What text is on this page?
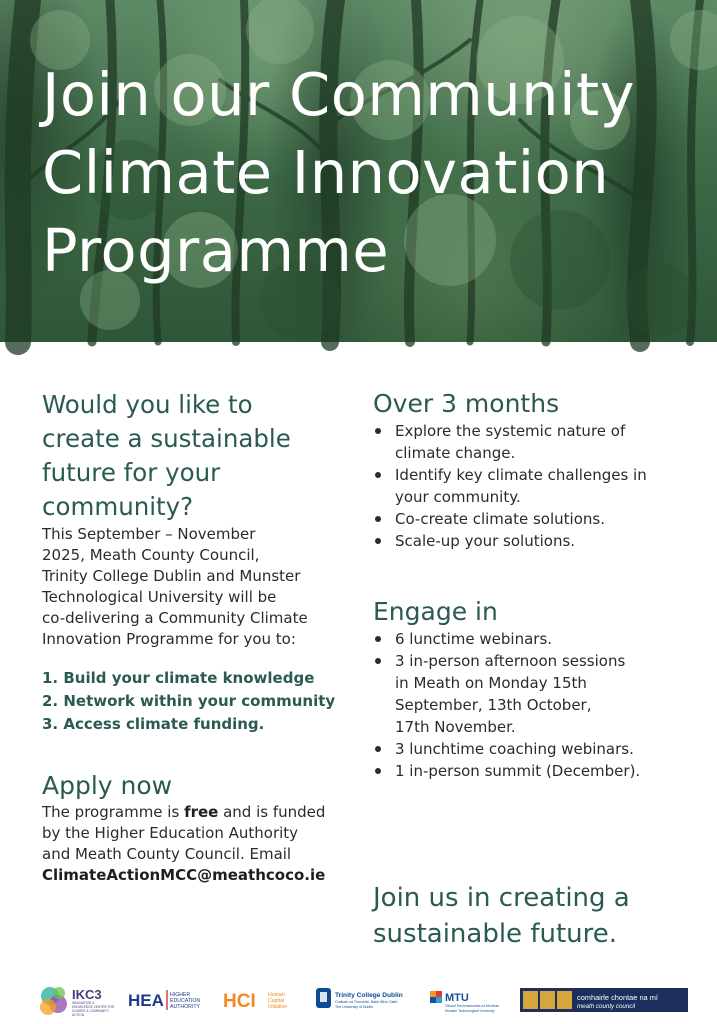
Join our Community
Climate Innovation
Programme
Would you like to
create a sustainable
future for your
community?

This September – November
2025, Meath County Council,
Trinity College Dublin and Munster
Technological University will be
co-delivering a Community Climate
Innovation Programme for you to:

1. Build your climate knowledge
2. Network within your community
3. Access climate funding.
Apply now

The programme is free and is funded
by the Higher Education Authority
and Meath County Council. Email
ClimateActionMCC@meathcoco.ie

Over 3 months
Explore the systemic nature of
climate change.
Identify key climate challenges in
your community.
Co-create climate solutions.
Scale-up your solutions.
Engage in
6 lunctime webinars.
3 in-person afternoon sessions
in Meath on Monday 15th
September, 13th October,
17th November.
3 lunchtime coaching webinars.
1 in-person summit (December).
Join us in creating a
sustainable future.
IKC3
INNOVATION &
KNOWLEDGE CENTRE FOR
CLIMATE & COMMUNITY
ACTION
HEA HIGHER
EDUCATION
AUTHORITY HCI Human
Capital
Initiative
Trinity College Dublin
Coláiste na Tríonóide, Baile Átha Cliath
The University of Dublin
MTU
Ollscoil Teicneolaíochta na Mumhan
Munster Technological University
comhairle chontae na mí
meath county council
